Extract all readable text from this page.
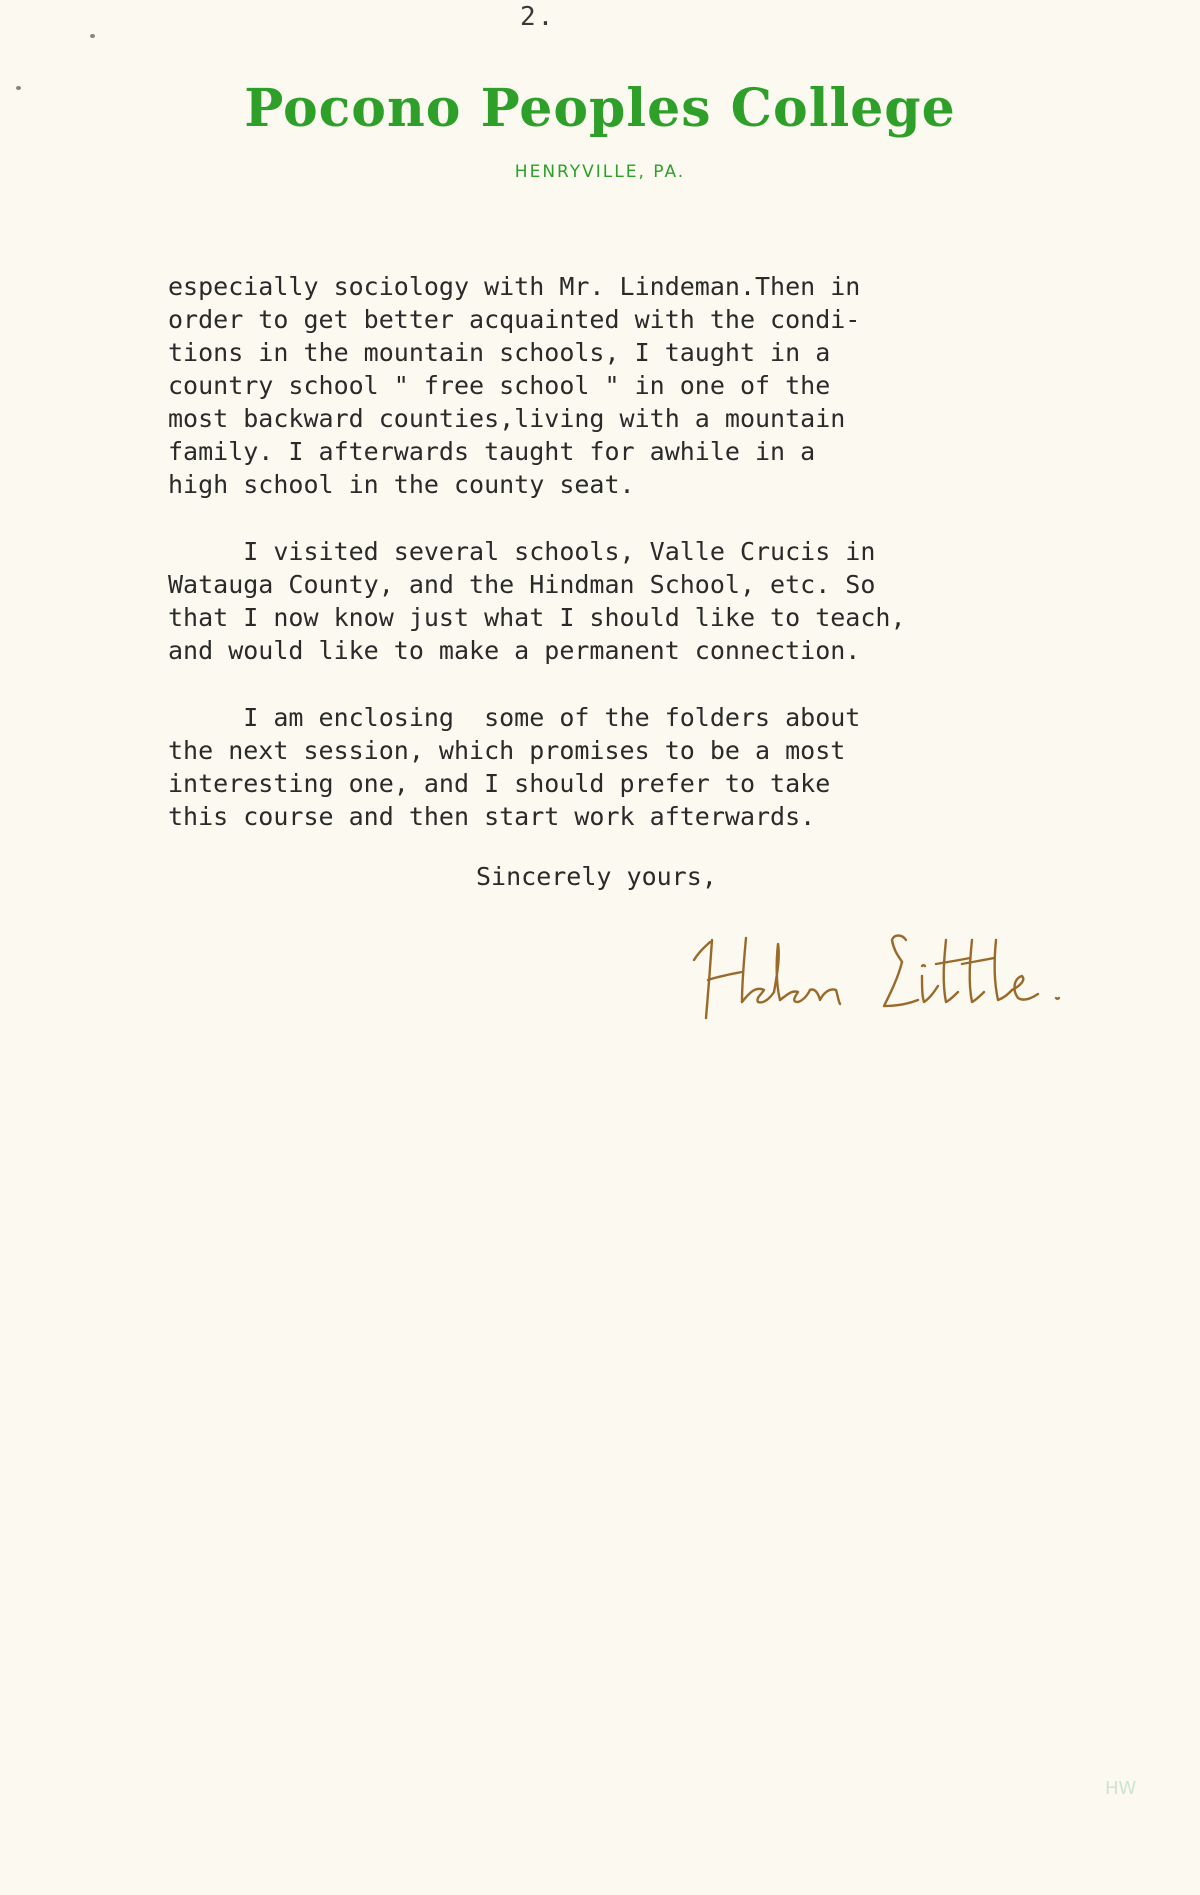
2.
Pocono Peoples College
HENRYVILLE, PA.

especially sociology with Mr. Lindeman.Then in
order to get better acquainted with the condi-
tions in the mountain schools, I taught in a
country school " free school " in one of the
most backward counties,living with a mountain
family. I afterwards taught for awhile in a
high school in the county seat.

I visited several schools, Valle Crucis in
Watauga County, and the Hindman School, etc. So
that I now know just what I should like to teach,
and would like to make a permanent connection.

I am enclosing  some of the folders about
the next session, which promises to be a most
interesting one, and I should prefer to take
this course and then start work afterwards.

Sincerely yours,
HW
